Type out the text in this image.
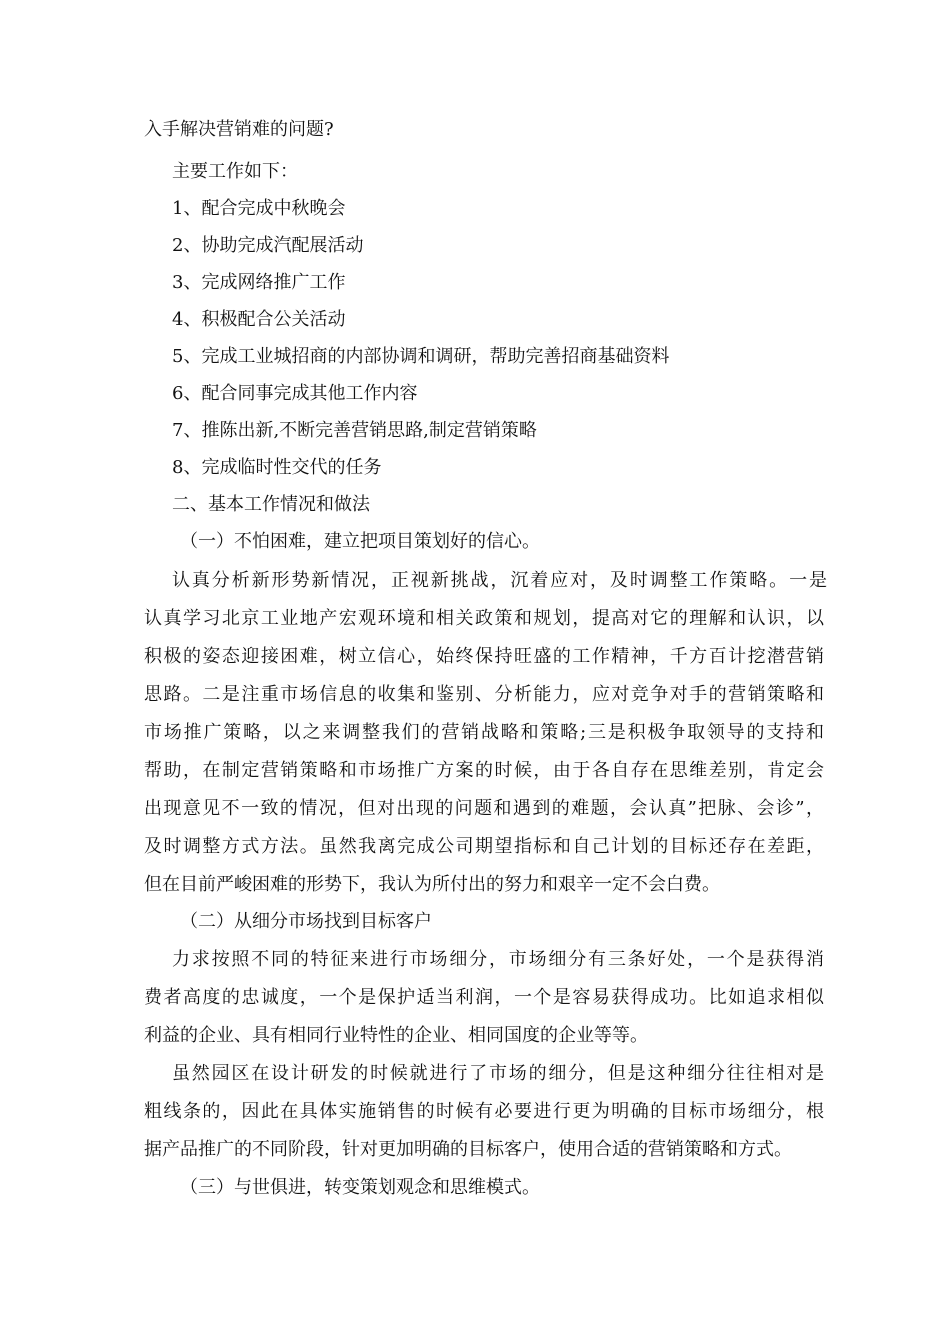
入手解决营销难的问题?
主要工作如下：
1、配合完成中秋晚会
2、协助完成汽配展活动
3、完成网络推广工作
4、积极配合公关活动
5、完成工业城招商的内部协调和调研，帮助完善招商基础资料
6、配合同事完成其他工作内容
7、推陈出新,不断完善营销思路,制定营销策略
8、完成临时性交代的任务
二、基本工作情况和做法
（一）不怕困难，建立把项目策划好的信心。
认真分析新形势新情况，正视新挑战，沉着应对，及时调整工作策略。一是
认真学习北京工业地产宏观环境和相关政策和规划，提高对它的理解和认识，以
积极的姿态迎接困难，树立信心，始终保持旺盛的工作精神，千方百计挖潜营销
思路。二是注重市场信息的收集和鉴别、分析能力，应对竞争对手的营销策略和
市场推广策略，以之来调整我们的营销战略和策略;三是积极争取领导的支持和
帮助，在制定营销策略和市场推广方案的时候，由于各自存在思维差别，肯定会
出现意见不一致的情况，但对出现的问题和遇到的难题，会认真”把脉、会诊”，
及时调整方式方法。虽然我离完成公司期望指标和自己计划的目标还存在差距，
但在目前严峻困难的形势下，我认为所付出的努力和艰辛一定不会白费。
（二）从细分市场找到目标客户
力求按照不同的特征来进行市场细分，市场细分有三条好处，一个是获得消
费者高度的忠诚度，一个是保护适当利润，一个是容易获得成功。比如追求相似
利益的企业、具有相同行业特性的企业、相同国度的企业等等。
虽然园区在设计研发的时候就进行了市场的细分，但是这种细分往往相对是
粗线条的，因此在具体实施销售的时候有必要进行更为明确的目标市场细分，根
据产品推广的不同阶段，针对更加明确的目标客户，使用合适的营销策略和方式。
（三）与世俱进，转变策划观念和思维模式。
